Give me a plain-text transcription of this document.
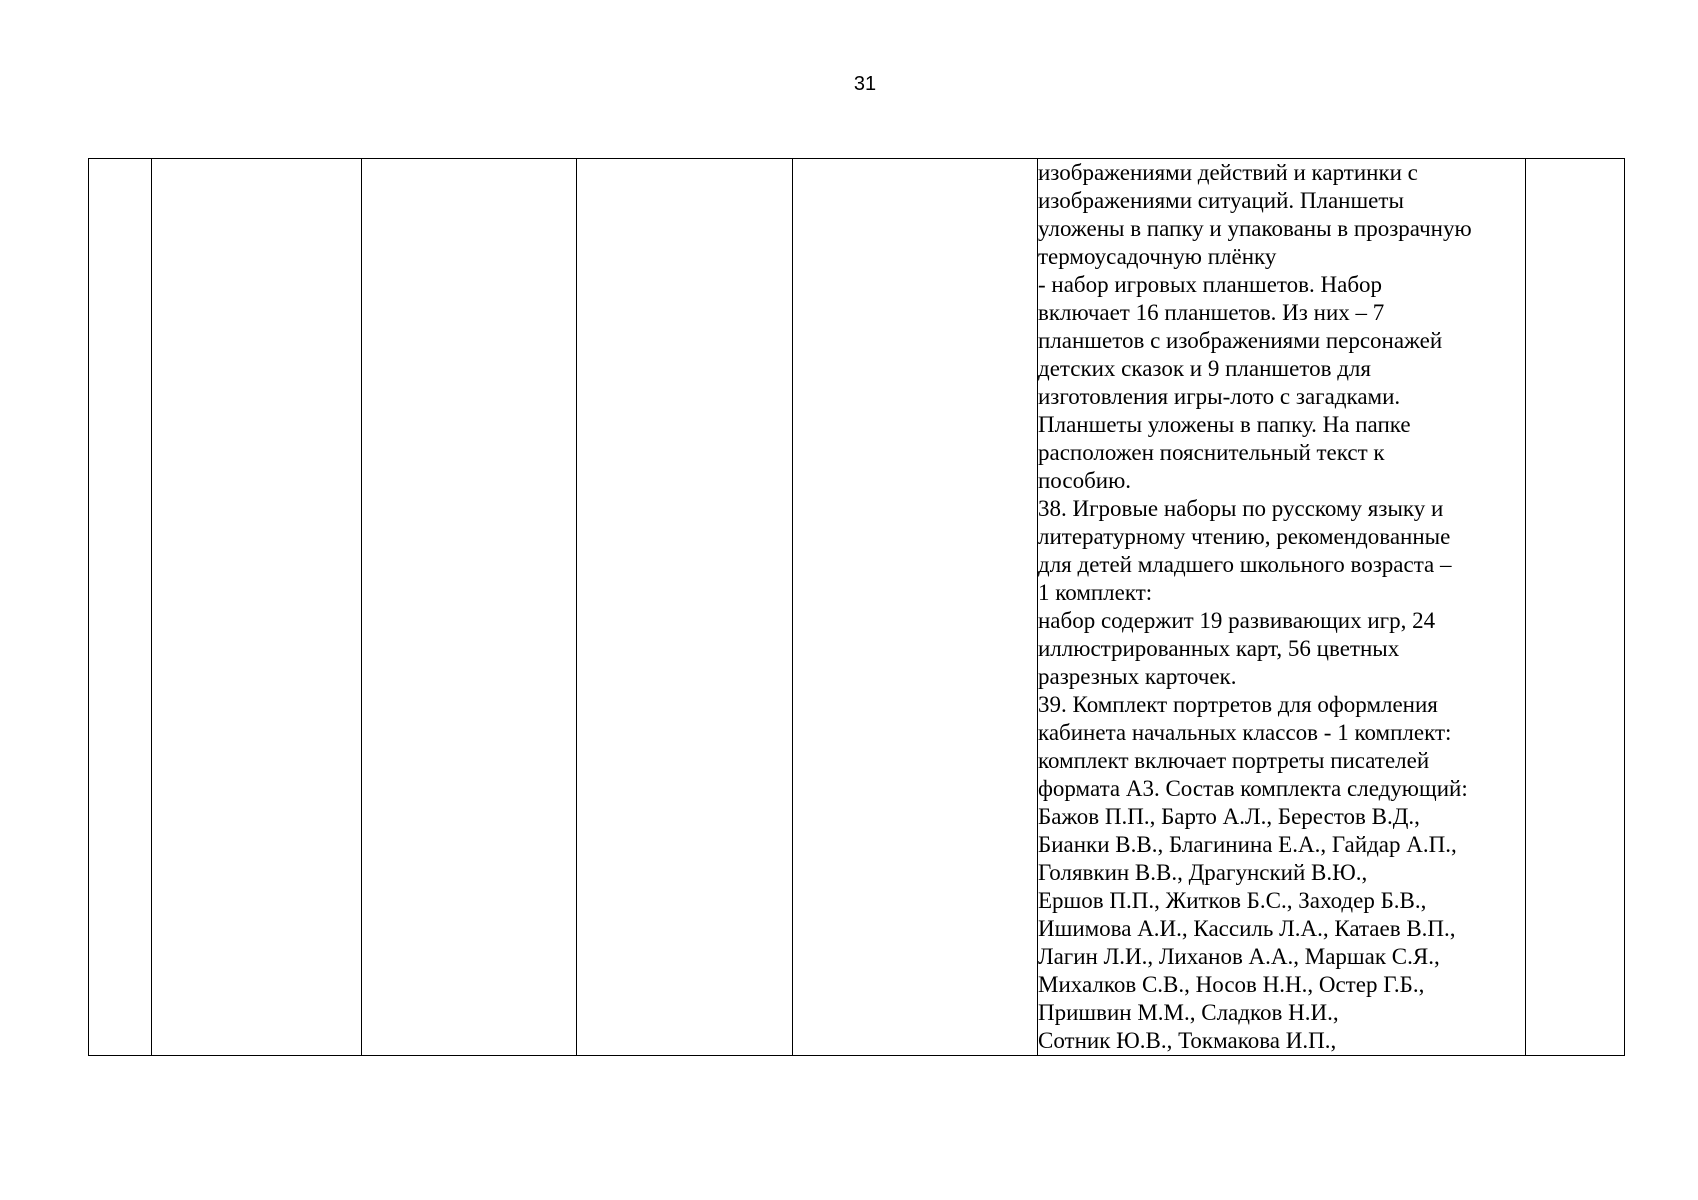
31

изображениями действий и картинки с
изображениями ситуаций. Планшеты
уложены в папку и упакованы в прозрачную
термоусадочную плёнку
- набор игровых планшетов. Набор
включает 16 планшетов. Из них – 7
планшетов с изображениями персонажей
детских сказок и 9 планшетов для
изготовления игры-лото с загадками.
Планшеты уложены в папку. На папке
расположен пояснительный текст к
пособию.
38. Игровые наборы по русскому языку и
литературному чтению, рекомендованные
для детей младшего школьного возраста –
1 комплект:
набор содержит 19 развивающих игр, 24
иллюстрированных карт, 56 цветных
разрезных карточек.
39. Комплект портретов для оформления
кабинета начальных классов - 1 комплект:
комплект включает портреты писателей
формата А3. Состав комплекта следующий:
Бажов П.П., Барто А.Л., Берестов В.Д.,
Бианки В.В., Благинина Е.А., Гайдар А.П.,
Голявкин В.В., Драгунский В.Ю.,
Ершов П.П., Житков Б.С., Заходер Б.В.,
Ишимова А.И., Кассиль Л.А., Катаев В.П.,
Лагин Л.И., Лиханов А.А., Маршак С.Я.,
Михалков С.В., Носов Н.Н., Остер Г.Б.,
Пришвин М.М., Сладков Н.И.,
Сотник Ю.В., Токмакова И.П.,
